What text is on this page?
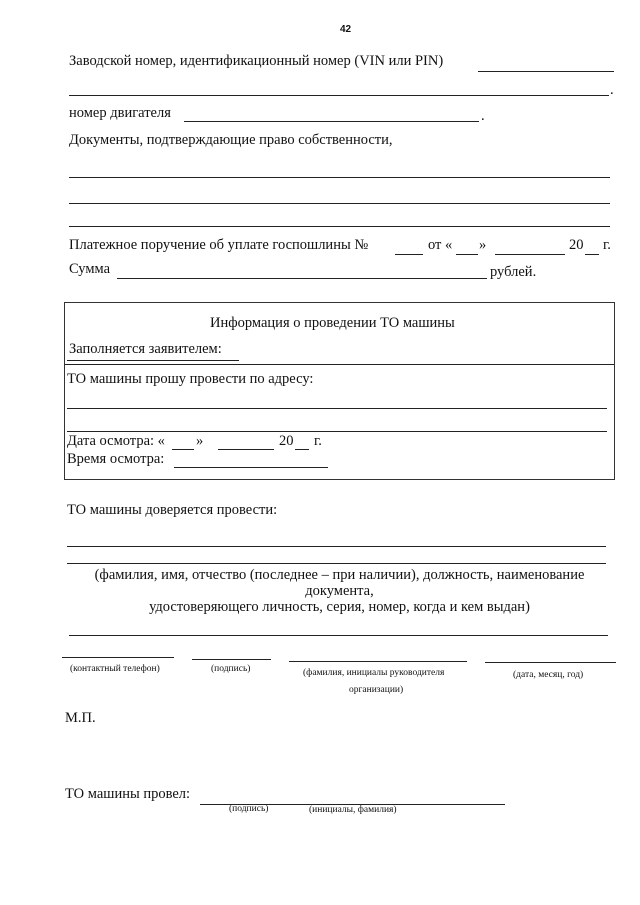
42
Заводской номер, идентификационный номер (VIN или PIN)
.
номер двигателя	.
Документы, подтверждающие право собственности,
Платежное поручение об уплате госпошлины №	от « »	20 г.
Сумма	рублей.
Информация о проведении ТО машины
Заполняется заявителем:
ТО машины прошу провести по адресу:
Дата осмотра: « »	20 г.
Время осмотра:
ТО машины доверяется провести:
(фамилия, имя, отчество (последнее – при наличии), должность, наименование
документа,
удостоверяющего личность, серия, номер, когда и кем выдан)
(контактный телефон)	(подпись)	(фамилия, инициалы руководителя
организации)
(дата, месяц, год)
М.П.
ТО машины провел:
(подпись)	(инициалы, фамилия)
